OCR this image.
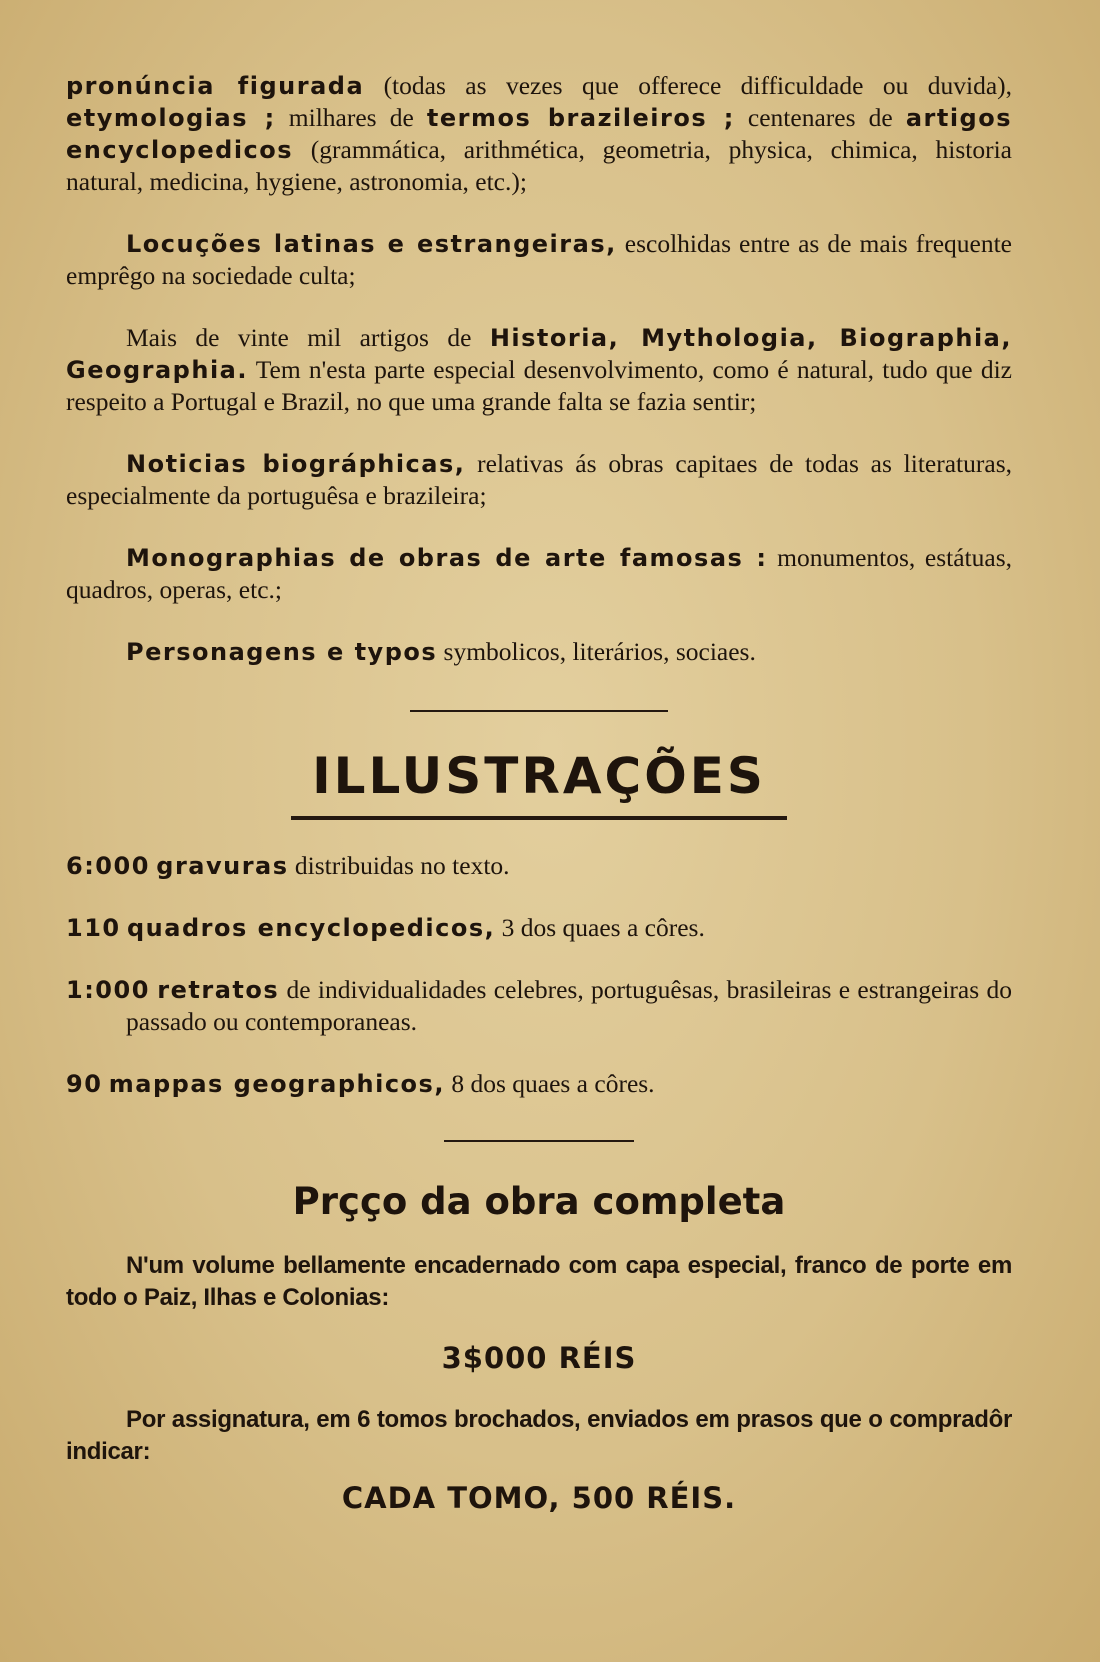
pronúncia figurada (todas as vezes que offerece difficuldade ou duvida), etymologias ; milhares de termos brazileiros ; centenares de artigos encyclopedicos (grammática, arithmética, geometria, physica, chimica, historia natural, medicina, hygiene, astronomia, etc.);

Locuções latinas e estrangeiras, escolhidas entre as de mais frequente emprêgo na sociedade culta;

Mais de vinte mil artigos de Historia, Mythologia, Biographia, Geographia. Tem n'esta parte especial desenvolvimento, como é natural, tudo que diz respeito a Portugal e Brazil, no que uma grande falta se fazia sentir;

Noticias biográphicas, relativas ás obras capitaes de todas as literaturas, especialmente da portuguêsa e brazileira;

Monographias de obras de arte famosas : monumentos, estátuas, quadros, operas, etc.;

Personagens e typos symbolicos, literários, sociaes.

ILLUSTRAÇÕES

6:000 gravuras distribuidas no texto.

110 quadros encyclopedicos, 3 dos quaes a côres.

1:000 retratos de individualidades celebres, portuguêsas, brasileiras e estrangeiras do passado ou contemporaneas.

90 mappas geographicos, 8 dos quaes a côres.

Prҫço da obra completa

N'um volume bellamente encadernado com capa especial, franco de porte em todo o Paiz, Ilhas e Colonias:

3$000 RÉIS

Por assignatura, em 6 tomos brochados, enviados em prasos que o compradôr indicar:

CADA TOMO, 500 RÉIS.
